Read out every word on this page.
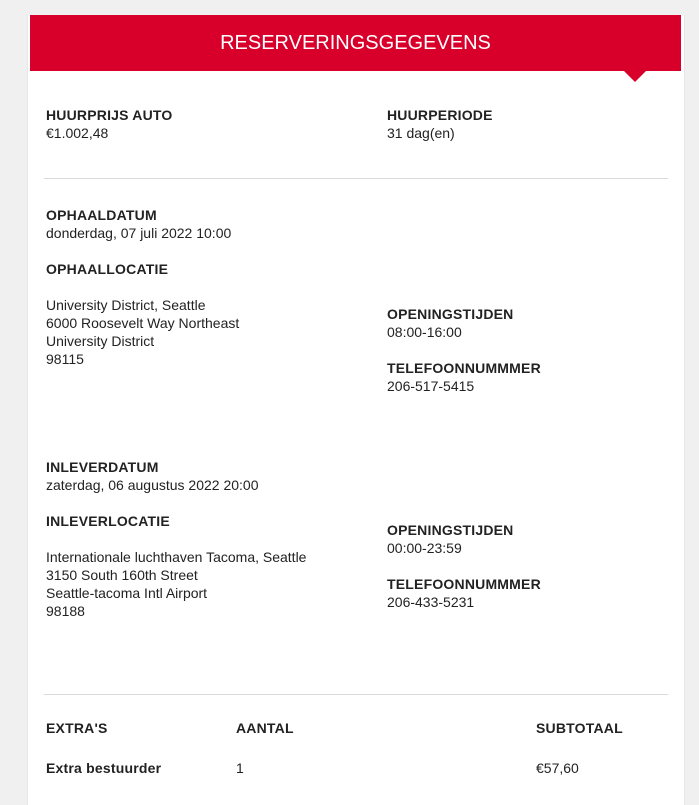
RESERVERINGSGEGEVENS
HUURPRIJS AUTO
€1.002,48
HUURPERIODE
31 dag(en)
OPHAALDATUM
donderdag, 07 juli 2022 10:00
OPHAALLOCATIE
University District, Seattle
6000 Roosevelt Way Northeast
University District
98115
OPENINGSTIJDEN
08:00-16:00
TELEFOONNUMMMER
206-517-5415
INLEVERDATUM
zaterdag, 06 augustus 2022 20:00
INLEVERLOCATIE
Internationale luchthaven Tacoma, Seattle
3150 South 160th Street
Seattle-tacoma Intl Airport
98188
OPENINGSTIJDEN
00:00-23:59
TELEFOONNUMMMER
206-433-5231
EXTRA'S	AANTAL	SUBTOTAAL
Extra bestuurder	1	€57,60
